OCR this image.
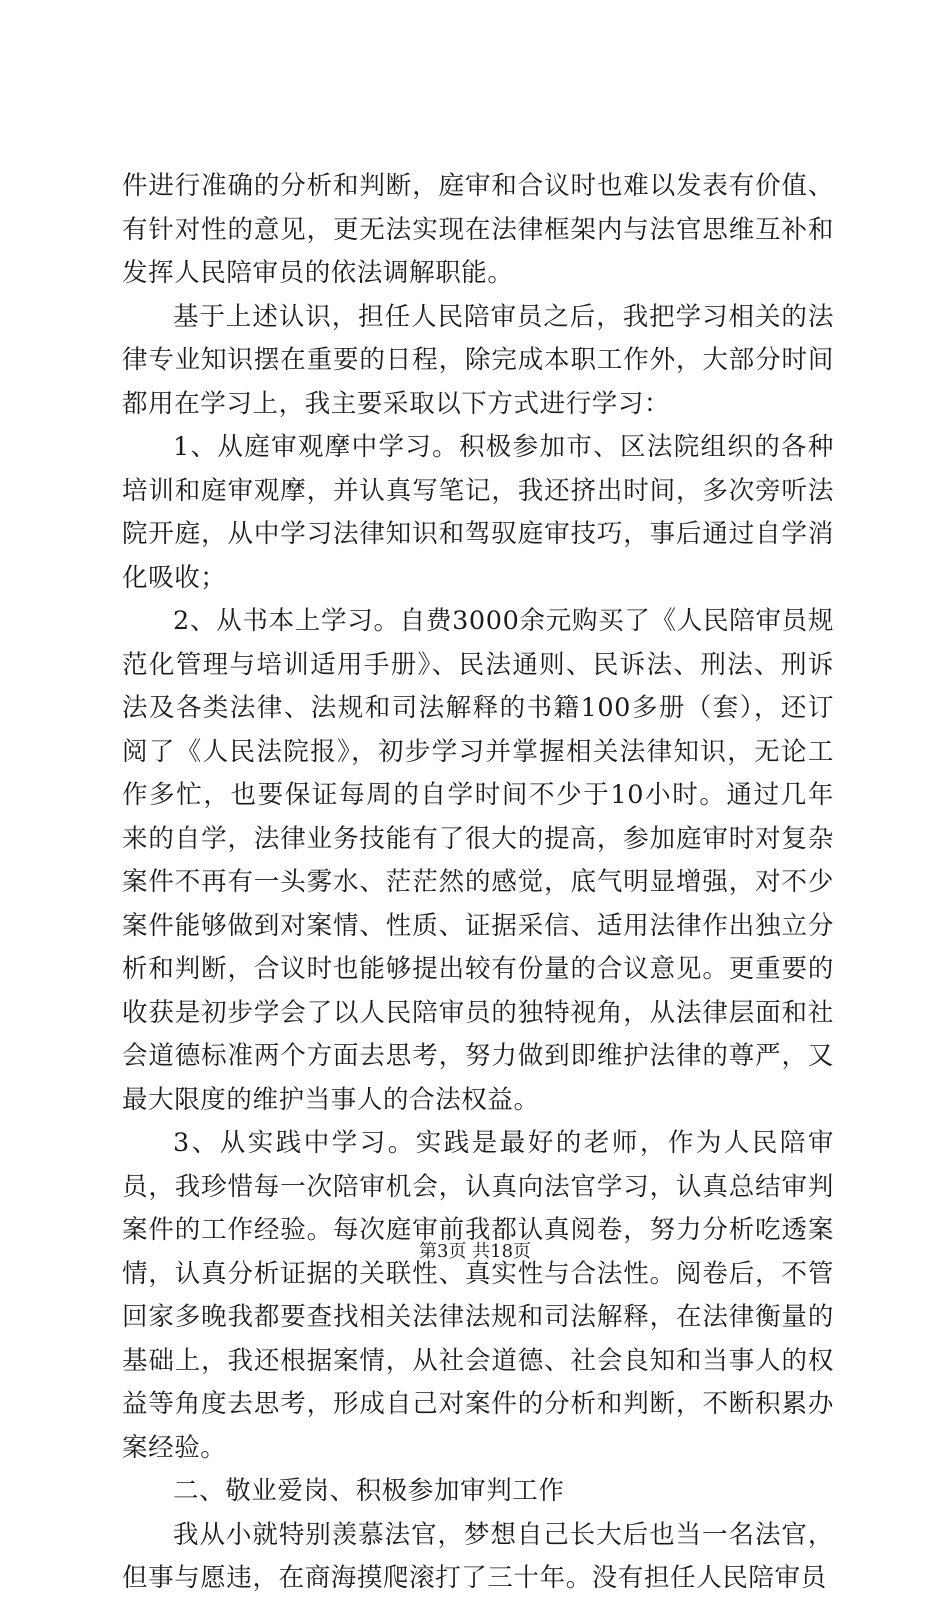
件进行准确的分析和判断，庭审和合议时也难以发表有价值、有针对性的意见，更无法实现在法律框架内与法官思维互补和发挥人民陪审员的依法调解职能。

基于上述认识，担任人民陪审员之后，我把学习相关的法律专业知识摆在重要的日程，除完成本职工作外，大部分时间都用在学习上，我主要采取以下方式进行学习：

1、从庭审观摩中学习。积极参加市、区法院组织的各种培训和庭审观摩，并认真写笔记，我还挤出时间，多次旁听法院开庭，从中学习法律知识和驾驭庭审技巧，事后通过自学消化吸收；

2、从书本上学习。自费3000余元购买了《人民陪审员规范化管理与培训适用手册》、民法通则、民诉法、刑法、刑诉法及各类法律、法规和司法解释的书籍100多册（套），还订阅了《人民法院报》，初步学习并掌握相关法律知识，无论工作多忙，也要保证每周的自学时间不少于10小时。通过几年来的自学，法律业务技能有了很大的提高，参加庭审时对复杂案件不再有一头雾水、茫茫然的感觉，底气明显增强，对不少案件能够做到对案情、性质、证据采信、适用法律作出独立分析和判断，合议时也能够提出较有份量的合议意见。更重要的收获是初步学会了以人民陪审员的独特视角，从法律层面和社会道德标准两个方面去思考，努力做到即维护法律的尊严，又最大限度的维护当事人的合法权益。

3、从实践中学习。实践是最好的老师，作为人民陪审员，我珍惜每一次陪审机会，认真向法官学习，认真总结审判案件的工作经验。每次庭审前我都认真阅卷，努力分析吃透案情，认真分析证据的关联性、真实性与合法性。阅卷后，不管回家多晚我都要查找相关法律法规和司法解释，在法律衡量的基础上，我还根据案情，从社会道德、社会良知和当事人的权益等角度去思考，形成自己对案件的分析和判断，不断积累办案经验。

二、敬业爱岗、积极参加审判工作

我从小就特别羡慕法官，梦想自己长大后也当一名法官，但事与愿违，在商海摸爬滚打了三十年。没有担任人民陪审员

第3页 共18页
